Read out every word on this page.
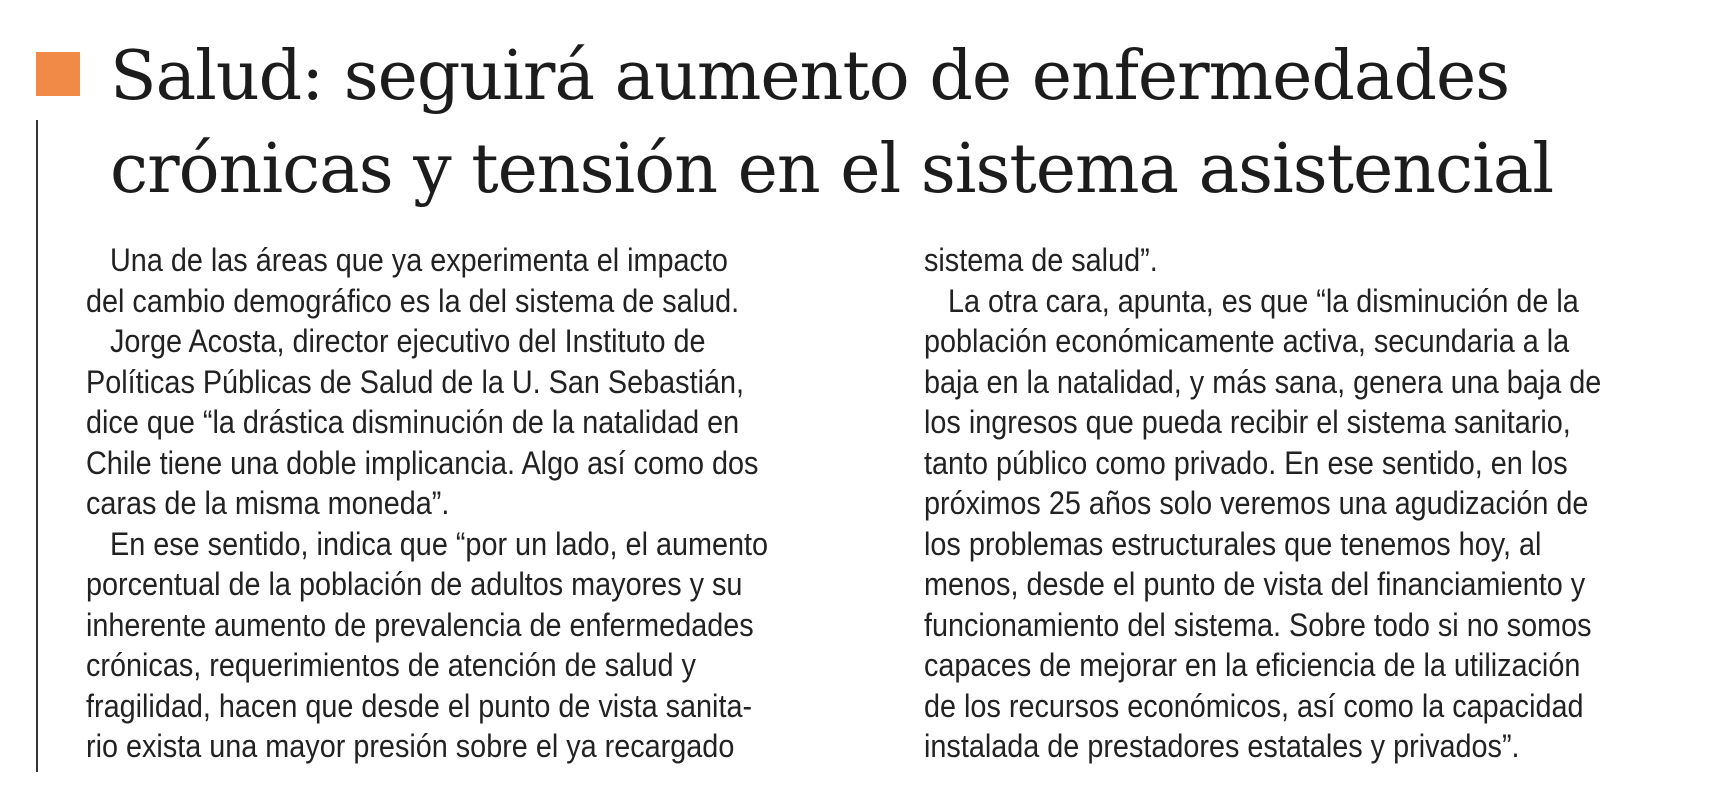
Salud: seguirá aumento de enfermedades
crónicas y tensión en el sistema asistencial

Una de las áreas que ya experimenta el impacto

del cambio demográfico es la del sistema de salud.

Jorge Acosta, director ejecutivo del Instituto de

Políticas Públicas de Salud de la U. San Sebastián,

dice que “la drástica disminución de la natalidad en

Chile tiene una doble implicancia. Algo así como dos

caras de la misma moneda”.

En ese sentido, indica que “por un lado, el aumento

porcentual de la población de adultos mayores y su

inherente aumento de prevalencia de enfermedades

crónicas, requerimientos de atención de salud y

fragilidad, hacen que desde el punto de vista sanita-

rio exista una mayor presión sobre el ya recargado

sistema de salud”.

La otra cara, apunta, es que “la disminución de la

población económicamente activa, secundaria a la

baja en la natalidad, y más sana, genera una baja de

los ingresos que pueda recibir el sistema sanitario,

tanto público como privado. En ese sentido, en los

próximos 25 años solo veremos una agudización de

los problemas estructurales que tenemos hoy, al

menos, desde el punto de vista del financiamiento y

funcionamiento del sistema. Sobre todo si no somos

capaces de mejorar en la eficiencia de la utilización

de los recursos económicos, así como la capacidad

instalada de prestadores estatales y privados”.
